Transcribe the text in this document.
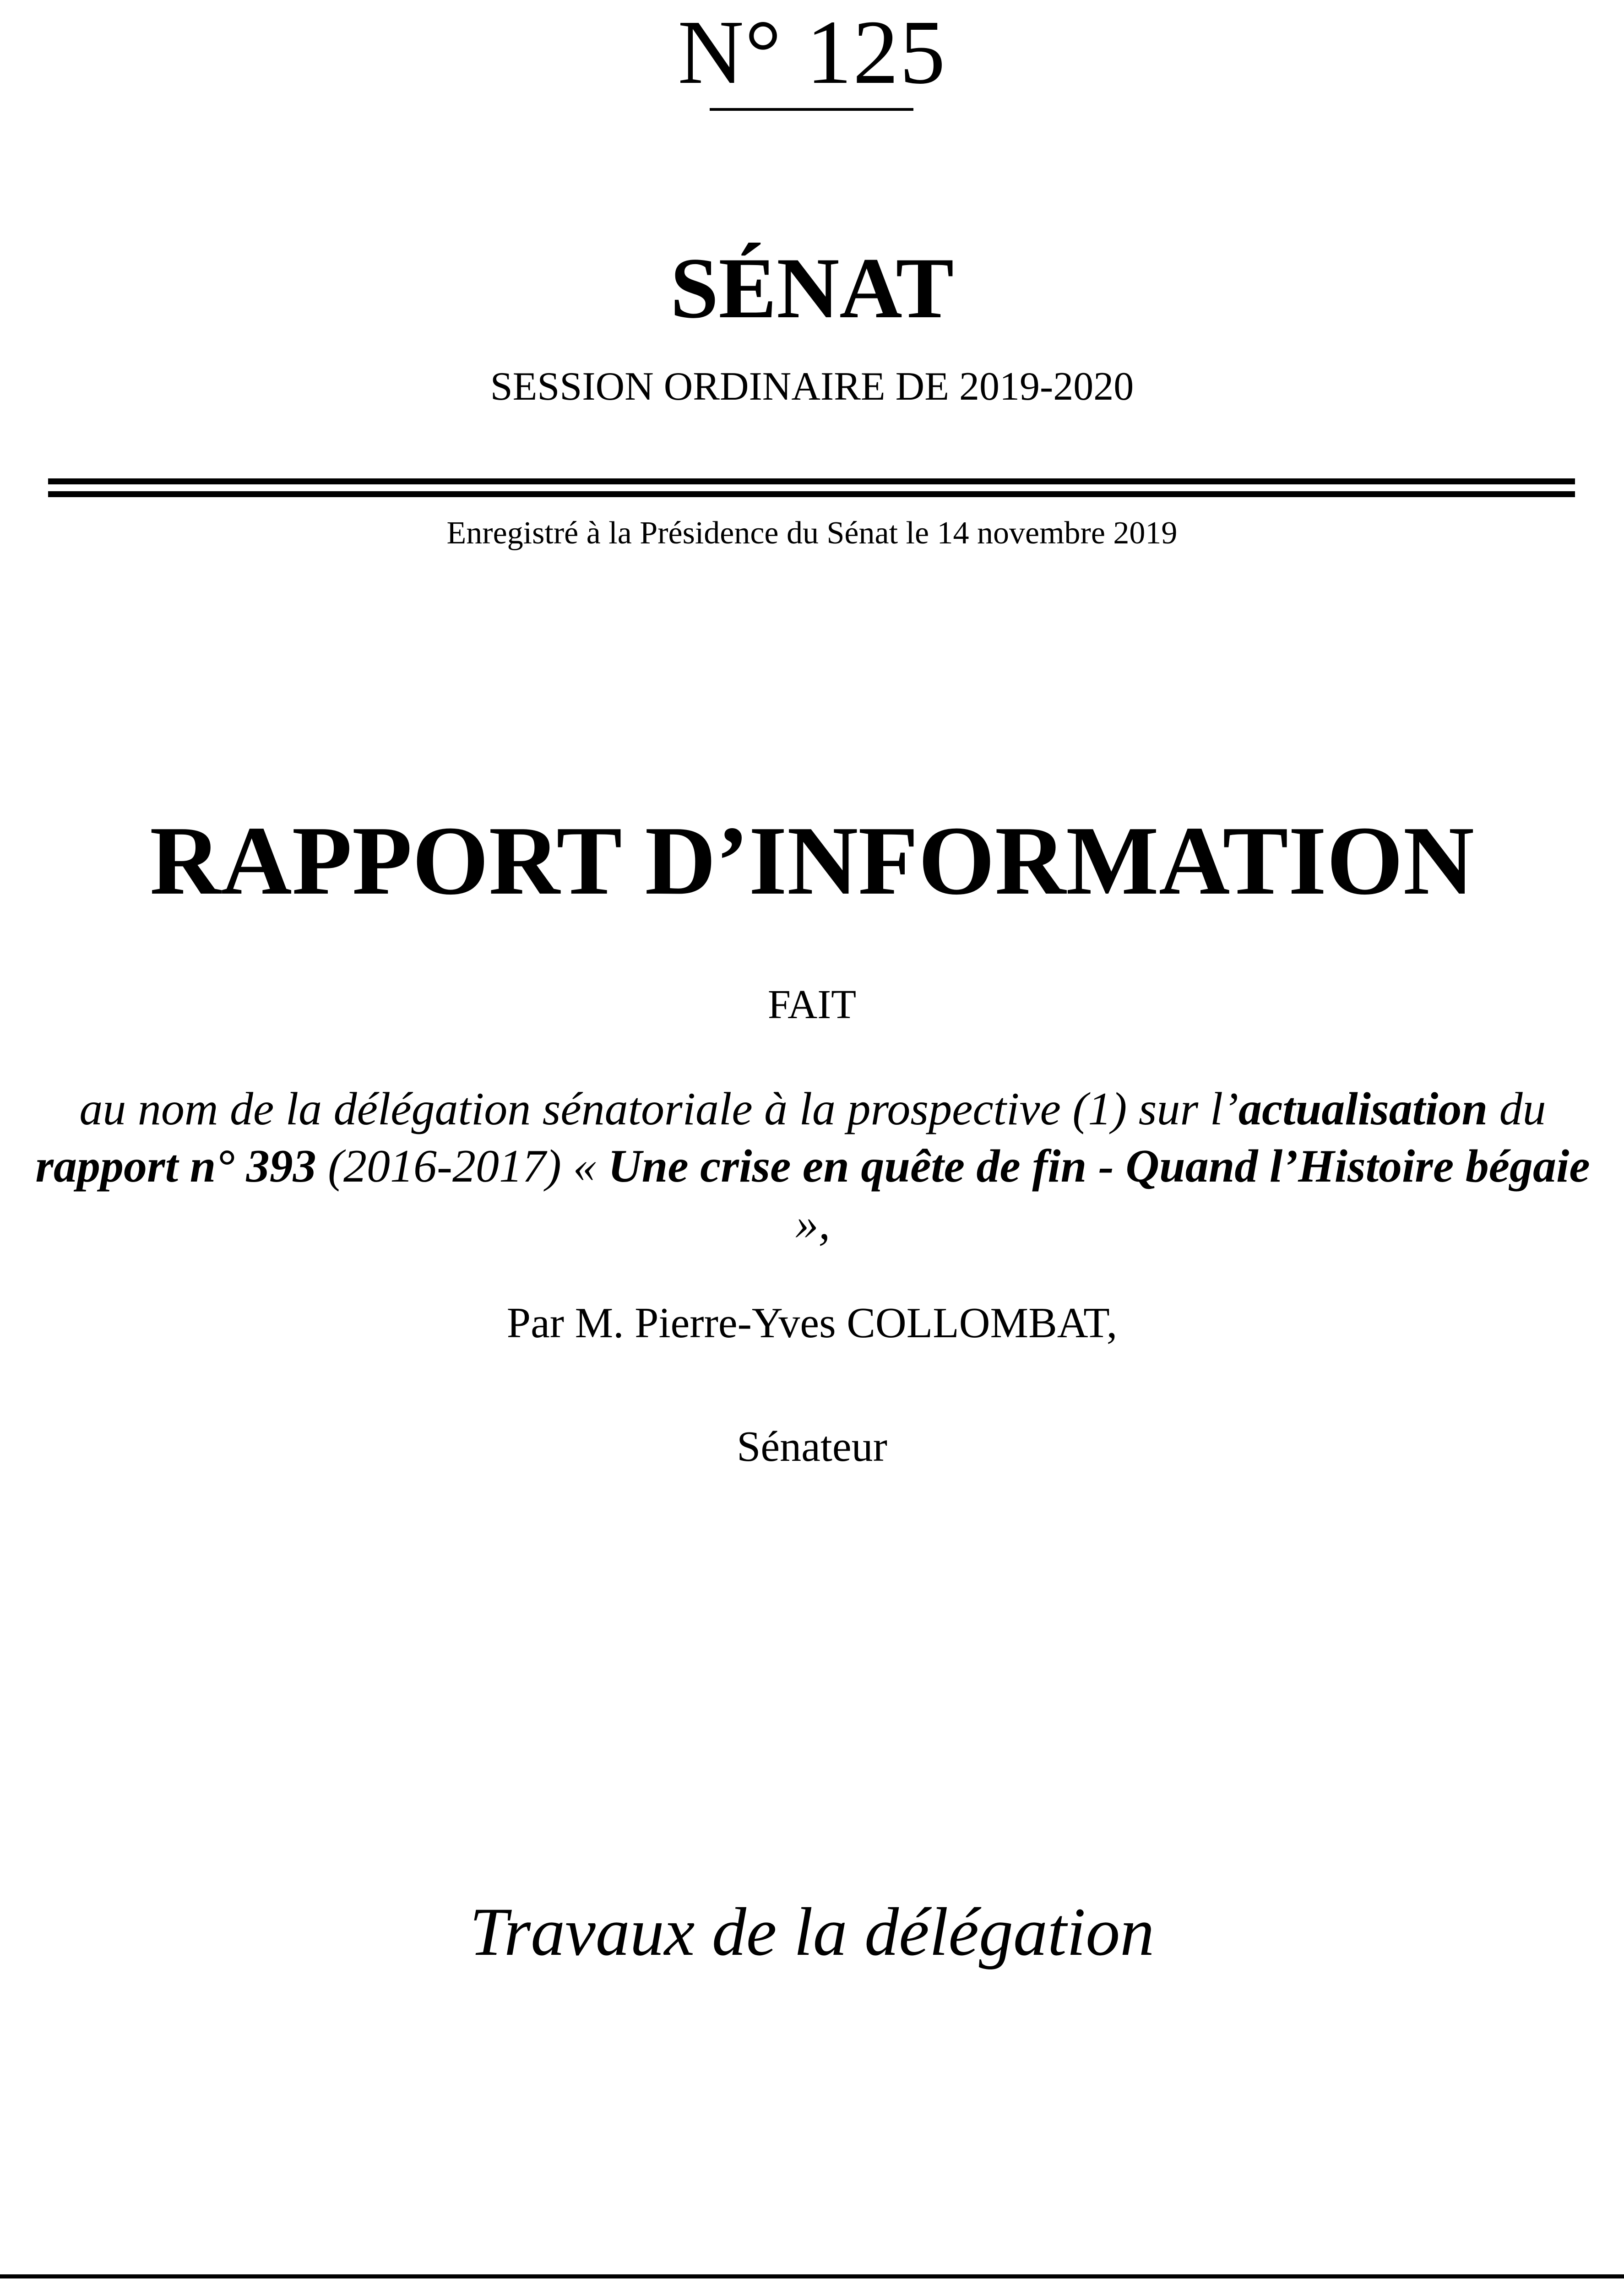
N° 125
SÉNAT
SESSION ORDINAIRE DE 2019-2020
Enregistré à la Présidence du Sénat le 14 novembre 2019
RAPPORT D’INFORMATION
FAIT
au nom de la délégation sénatoriale à la prospective (1) sur l’actualisation du
rapport n° 393 (2016-2017) « Une crise en quête de fin - Quand l’Histoire bégaie »,
Par M. Pierre-Yves COLLOMBAT,
Sénateur
Travaux de la délégation
